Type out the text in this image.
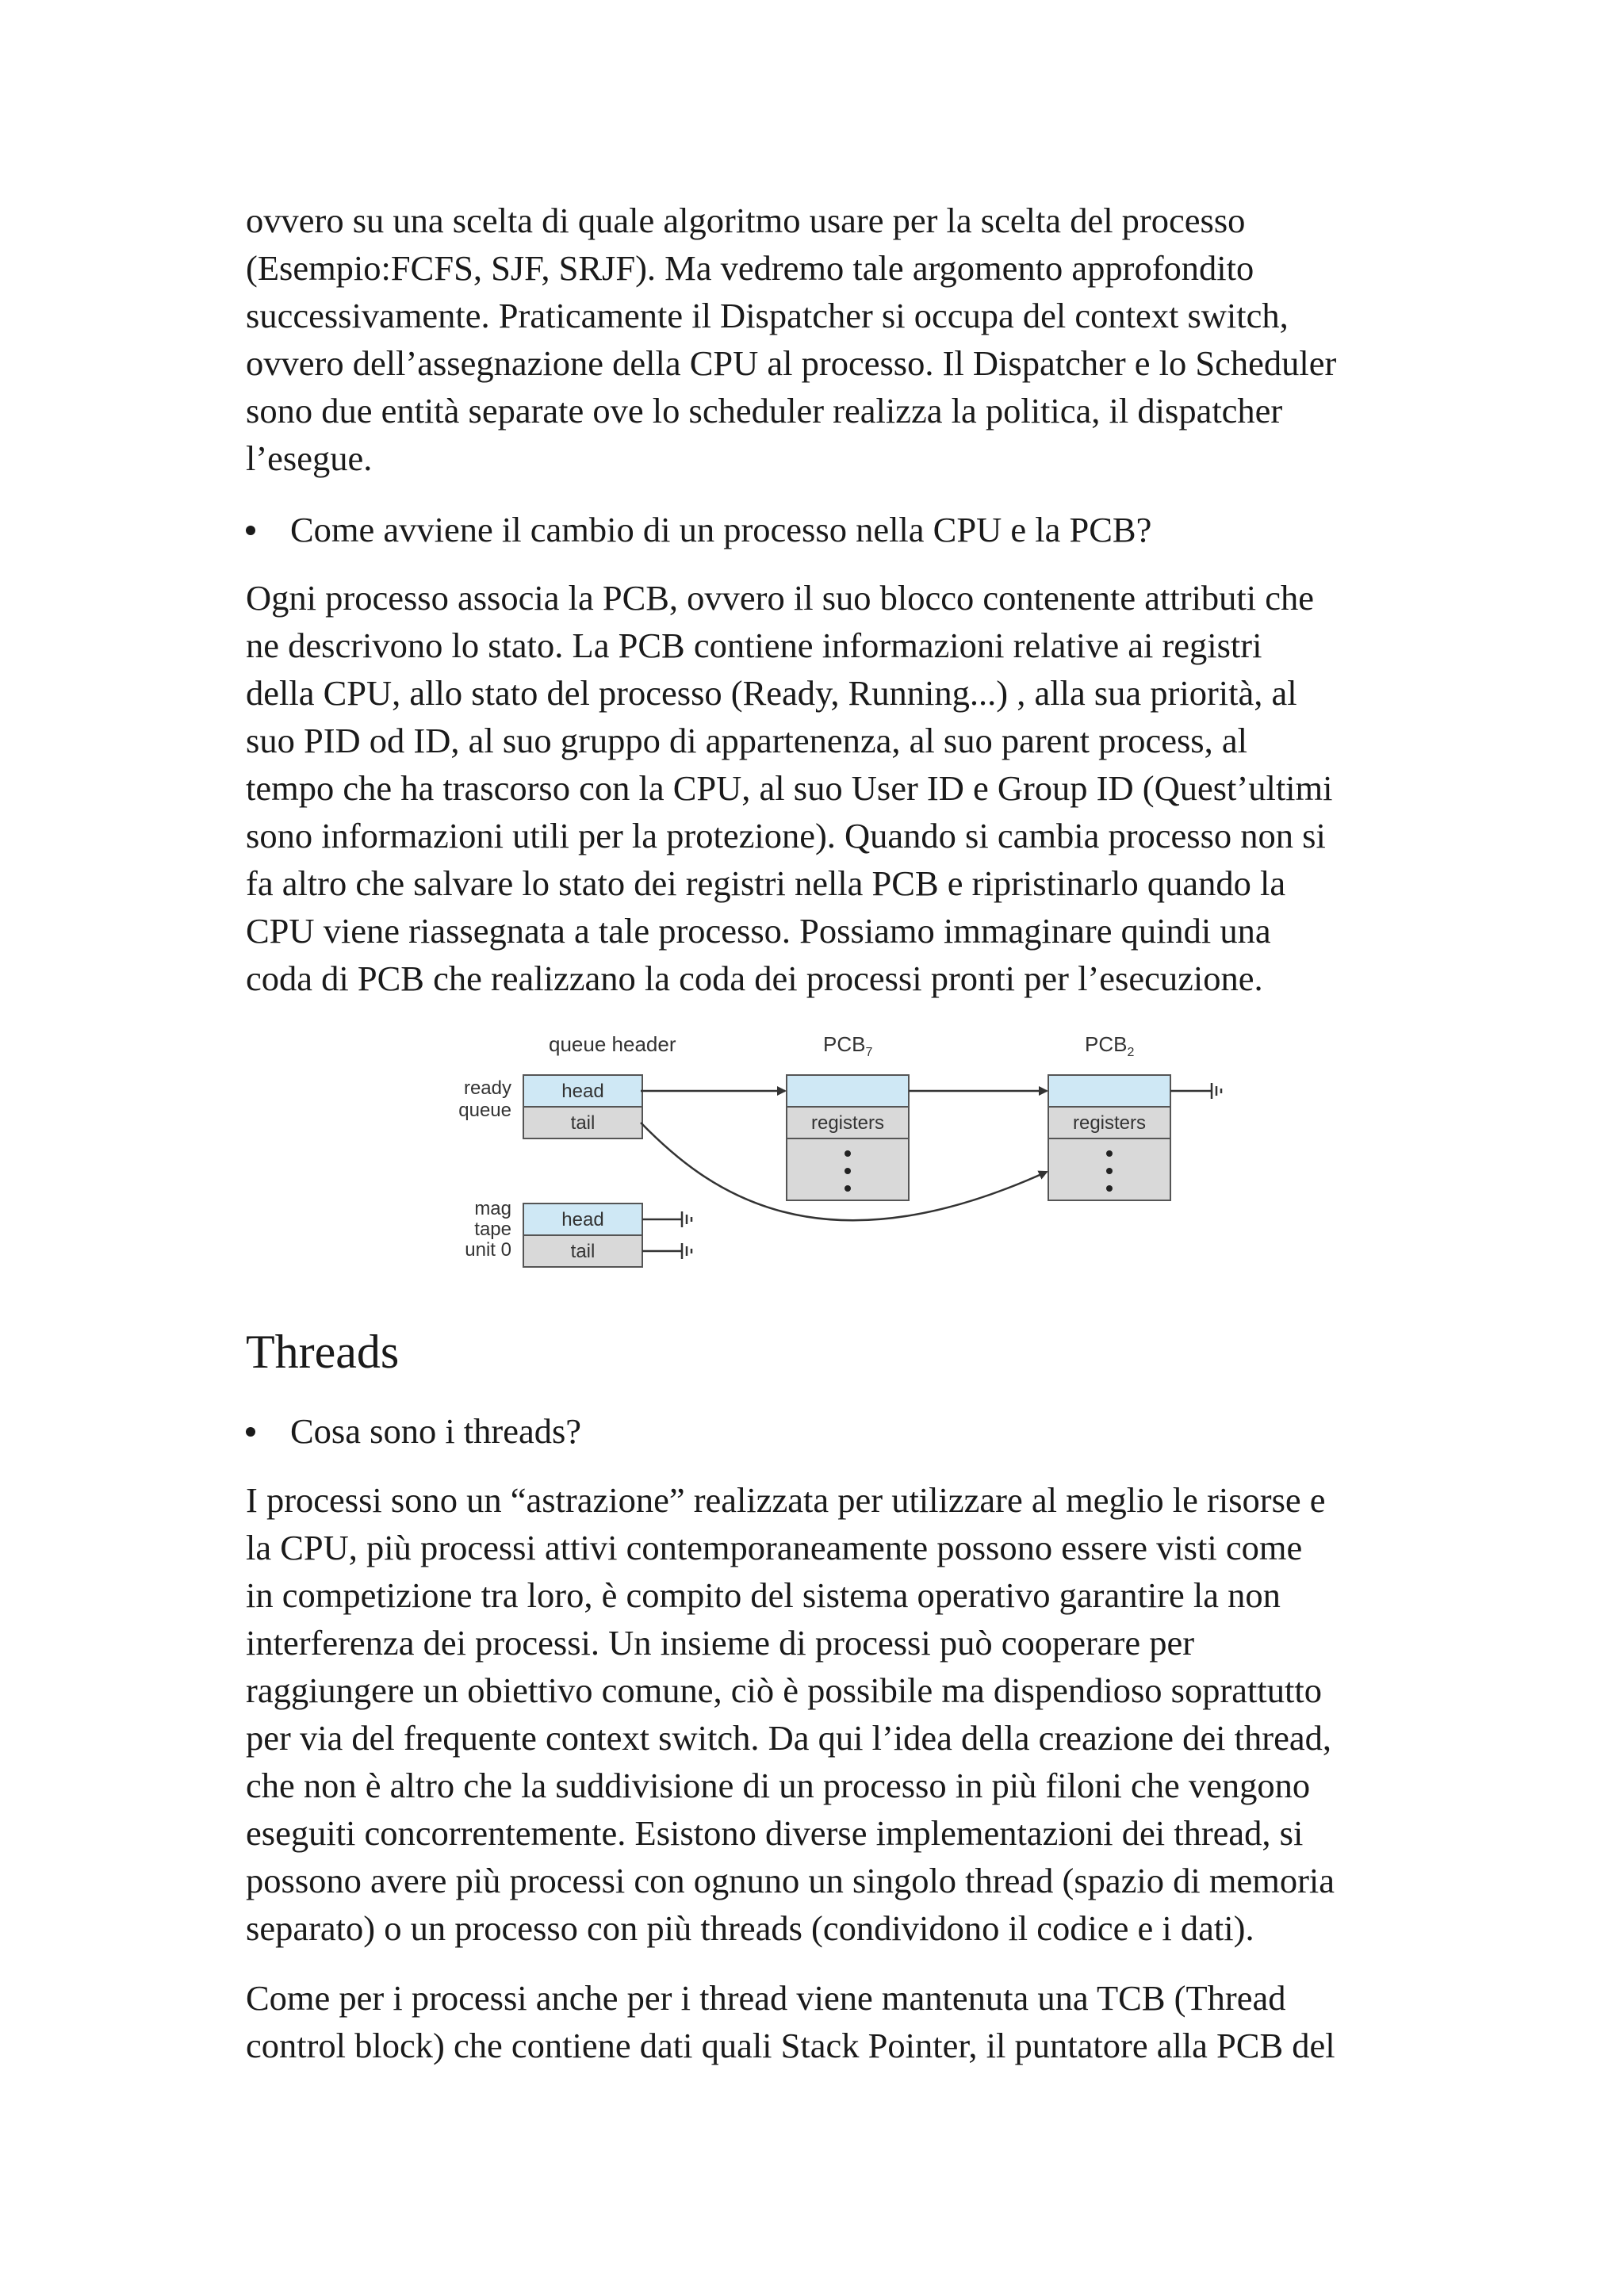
ovvero su una scelta di quale algoritmo usare per la scelta del processo
(Esempio:FCFS, SJF, SRJF). Ma vedremo tale argomento approfondito
successivamente. Praticamente il Dispatcher si occupa del context switch,
ovvero dell’assegnazione della CPU al processo. Il Dispatcher e lo Scheduler
sono due entità separate ove lo scheduler realizza la politica, il dispatcher
l’esegue.
Come avviene il cambio di un processo nella CPU e la PCB?
Ogni processo associa la PCB, ovvero il suo blocco contenente attributi che
ne descrivono lo stato. La PCB contiene informazioni relative ai registri
della CPU, allo stato del processo (Ready, Running...) , alla sua priorità, al
suo PID od ID, al suo gruppo di appartenenza, al suo parent process, al
tempo che ha trascorso con la CPU, al suo User ID e Group ID (Quest’ultimi
sono informazioni utili per la protezione). Quando si cambia processo non si
fa altro che salvare lo stato dei registri nella PCB e ripristinarlo quando la
CPU viene riassegnata a tale processo. Possiamo immaginare quindi una
coda di PCB che realizzano la coda dei processi pronti per l’esecuzione.
queue header	$PCB_7$	$PCB_2$
ready
queue
head
tail	registers	registers
mag
tape
unit 0
head
tail
Threads
Cosa sono i threads?
I processi sono un “astrazione” realizzata per utilizzare al meglio le risorse e
la CPU, più processi attivi contemporaneamente possono essere visti come
in competizione tra loro, è compito del sistema operativo garantire la non
interferenza dei processi. Un insieme di processi può cooperare per
raggiungere un obiettivo comune, ciò è possibile ma dispendioso soprattutto
per via del frequente context switch. Da qui l’idea della creazione dei thread,
che non è altro che la suddivisione di un processo in più filoni che vengono
eseguiti concorrentemente. Esistono diverse implementazioni dei thread, si
possono avere più processi con ognuno un singolo thread (spazio di memoria
separato) o un processo con più threads (condividono il codice e i dati).
Come per i processi anche per i thread viene mantenuta una TCB (Thread
control block) che contiene dati quali Stack Pointer, il puntatore alla PCB del
